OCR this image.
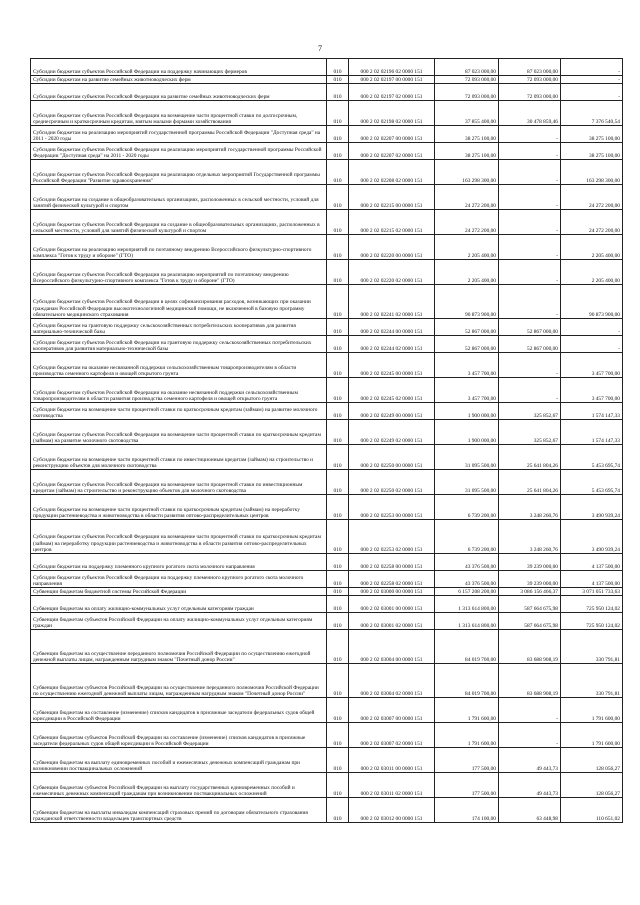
7
Субсидии бюджетам субъектов Российской Федерации на поддержку начинающих фермеров	010	000 2 02 02196 02 0000 151	87 023 000,00	87 023 000,00	-
Субсидии бюджетам на развитие семейных животноводческих ферм	010	000 2 02 02197 00 0000 151	72 093 000,00	72 093 000,00	-
Субсидии бюджетам субъектов Российской Федерации на развитие семейных животноводческих ферм	010	000 2 02 02197 02 0000 151	72 093 000,00	72 093 000,00	-
Субсидии бюджетам субъектов Российской Федерации на возмещение части процентной ставки по долгосрочным, среднесрочным и краткосрочным кредитам, взятым малыми формами хозяйствования	010	000 2 02 02198 02 0000 151	37 855 400,00	30 478 859,46	7 376 540,54
Субсидии бюджетам на реализацию мероприятий государственной программы Российской Федерации "Доступная среда" на 2011 - 2020 годы	010	000 2 02 02207 00 0000 151	38 275 100,00	-	38 275 100,00
Субсидии бюджетам субъектов Российской Федерации на реализацию мероприятий государственной программы Российской Федерации "Доступная среда" на 2011 - 2020 годы	010	000 2 02 02207 02 0000 151	38 275 100,00	-	38 275 100,00
Субсидии бюджетам субъектов Российской Федерации на реализацию отдельных мероприятий Государственной программы Российской Федерации "Развитие здравоохранения"	010	000 2 02 02208 02 0000 151	163 298 300,00	-	163 298 300,00
Субсидии бюджетам на создание в общеобразовательных организациях, расположенных в сельской местности, условий для занятий физической культурой и спортом	010	000 2 02 02215 00 0000 151	24 272 200,00	-	24 272 200,00
Субсидии бюджетам субъектов Российской Федерации на создание в общеобразовательных организациях, расположенных в сельской местности, условий для занятий физической культурой и спортом	010	000 2 02 02215 02 0000 151	24 272 200,00	-	24 272 200,00
Субсидии бюджетам на реализацию мероприятий по поэтапному внедрению Всероссийского физкультурно-спортивного комплекса "Готов к труду и обороне" (ГТО)	010	000 2 02 02220 00 0000 151	2 205 400,00	-	2 205 400,00
Субсидии бюджетам субъектов Российской Федерации на реализацию мероприятий по поэтапному внедрению Всероссийского физкультурно-спортивного комплекса "Готов к труду и обороне" (ГТО)	010	000 2 02 02220 02 0000 151	2 205 400,00	-	2 205 400,00
Субсидии бюджетам субъектов Российской Федерации в целях софинансирования расходов, возникающих при оказании гражданам Российской Федерации высокотехнологичной медицинской помощи, не включенной в базовую программу обязательного медицинского страхования	010	000 2 02 02241 02 0000 151	90 873 900,00	-	90 873 900,00
Субсидии бюджетам на грантовую поддержку сельскохозяйственных потребительских кооперативов для развития материально-технической базы	010	000 2 02 02244 00 0000 151	52 867 000,00	52 867 000,00	-
Субсидии бюджетам субъектов Российской Федерации на грантовую поддержку сельскохозяйственных потребительских кооперативов для развития материально-технической базы	010	000 2 02 02244 02 0000 151	52 867 000,00	52 867 000,00	-
Субсидии бюджетам на оказание несвязанной поддержки сельскохозяйственным товаропроизводителям в области производства семенного картофеля и овощей открытого грунта	010	000 2 02 02245 00 0000 151	3 457 700,00	-	3 457 700,00
Субсидии бюджетам субъектов Российской Федерации на оказание несвязанной поддержки сельскохозяйственным товаропроизводителям в области развития производства семенного картофеля и овощей открытого грунта	010	000 2 02 02245 02 0000 151	3 457 700,00	-	3 457 700,00
Субсидии бюджетам на возмещение части процентной ставки по краткосрочным кредитам (займам) на развитие молочного скотоводства	010	000 2 02 02249 00 0000 151	1 900 000,00	325 852,67	1 574 147,33
Субсидии бюджетам субъектов Российской Федерации на возмещение части процентной ставки по краткосрочным кредитам (займам) на развитие молочного скотоводства	010	000 2 02 02249 02 0000 151	1 900 000,00	325 852,67	1 574 147,33
Субсидии бюджетам на возмещение части процентной ставки по инвестиционным кредитам (займам) на строительство и реконструкцию объектов для молочного скотоводства	010	000 2 02 02250 00 0000 151	31 095 500,00	25 641 804,26	5 453 695,74
Субсидии бюджетам субъектов Российской Федерации на возмещение части процентной ставки по инвестиционным кредитам (займам) на строительство и реконструкцию объектов для молочного скотоводства	010	000 2 02 02250 02 0000 151	31 095 500,00	25 641 804,26	5 453 695,74
Субсидии бюджетам на возмещение части процентной ставки по краткосрочным кредитам (займам) на переработку продукции растениеводства и животноводства в области развития оптово-распределительных центров	010	000 2 02 02253 00 0000 151	6 739 200,00	3 248 260,76	3 490 939,24
Субсидии бюджетам субъектов Российской Федерации на возмещение части процентной ставки по краткосрочным кредитам (займам) на переработку продукции растениеводства и животноводства в области развития оптово-распределительных центров	010	000 2 02 02253 02 0000 151	6 739 200,00	3 248 260,76	3 490 939,24
Субсидии бюджетам на поддержку племенного крупного рогатого скота молочного направления	010	000 2 02 02258 00 0000 151	43 376 500,00	39 239 000,00	4 137 500,00
Субсидии бюджетам субъектов Российской Федерации на поддержку племенного крупного рогатого скота молочного направления	010	000 2 02 02258 02 0000 151	43 376 500,00	39 239 000,00	4 137 500,00
Субвенции бюджетам бюджетной системы Российской Федерации	010	000 2 02 03000 00 0000 151	6 157 208 200,00	3 086 156 466,37	3 071 051 733,63
Субвенции бюджетам на оплату жилищно-коммунальных услуг отдельным категориям граждан	010	000 2 02 03001 00 0000 151	1 313 614 800,00	587 664 675,98	725 950 124,02
Субвенции бюджетам субъектов Российской Федерации на оплату жилищно-коммунальных услуг отдельным категориям граждан	010	000 2 02 03001 02 0000 151	1 313 614 800,00	587 664 675,98	725 950 124,02
Субвенции бюджетам на осуществление переданного полномочия Российской Федерации по осуществлению ежегодной денежной выплаты лицам, награжденным нагрудным знаком "Почетный донор России"	010	000 2 02 03004 00 0000 151	84 019 700,00	83 688 908,19	330 791,81
Субвенции бюджетам субъектов Российской Федерации на осуществление переданного полномочия Российской Федерации по осуществлению ежегодной денежной выплаты лицам, награжденным нагрудным знаком "Почетный донор России"	010	000 2 02 03004 02 0000 151	84 019 700,00	83 688 908,19	330 791,81
Субвенции бюджетам на составление (изменение) списков кандидатов в присяжные заседатели федеральных судов общей юрисдикции в Российской Федерации	010	000 2 02 03007 00 0000 151	1 791 600,00	-	1 791 600,00
Субвенции бюджетам субъектов Российской Федерации на составление (изменение) списков кандидатов в присяжные заседатели федеральных судов общей юрисдикции в Российской Федерации	010	000 2 02 03007 02 0000 151	1 791 600,00	-	1 791 600,00
Субвенции бюджетам на выплату единовременных пособий и ежемесячных денежных компенсаций гражданам при возникновении поствакцинальных осложнений	010	000 2 02 03011 00 0000 151	177 500,00	49 443,73	128 056,27
Субвенции бюджетам субъектов Российской Федерации на выплату государственных единовременных пособий и ежемесячных денежных компенсаций гражданам при возникновении поствакцинальных осложнений	010	000 2 02 03011 02 0000 151	177 500,00	49 443,73	128 056,27
Субвенции бюджетам на выплаты инвалидам компенсаций страховых премий по договорам обязательного страхования гражданской ответственности владельцев транспортных средств	010	000 2 02 03012 00 0000 151	174 100,00	63 448,98	110 651,02
